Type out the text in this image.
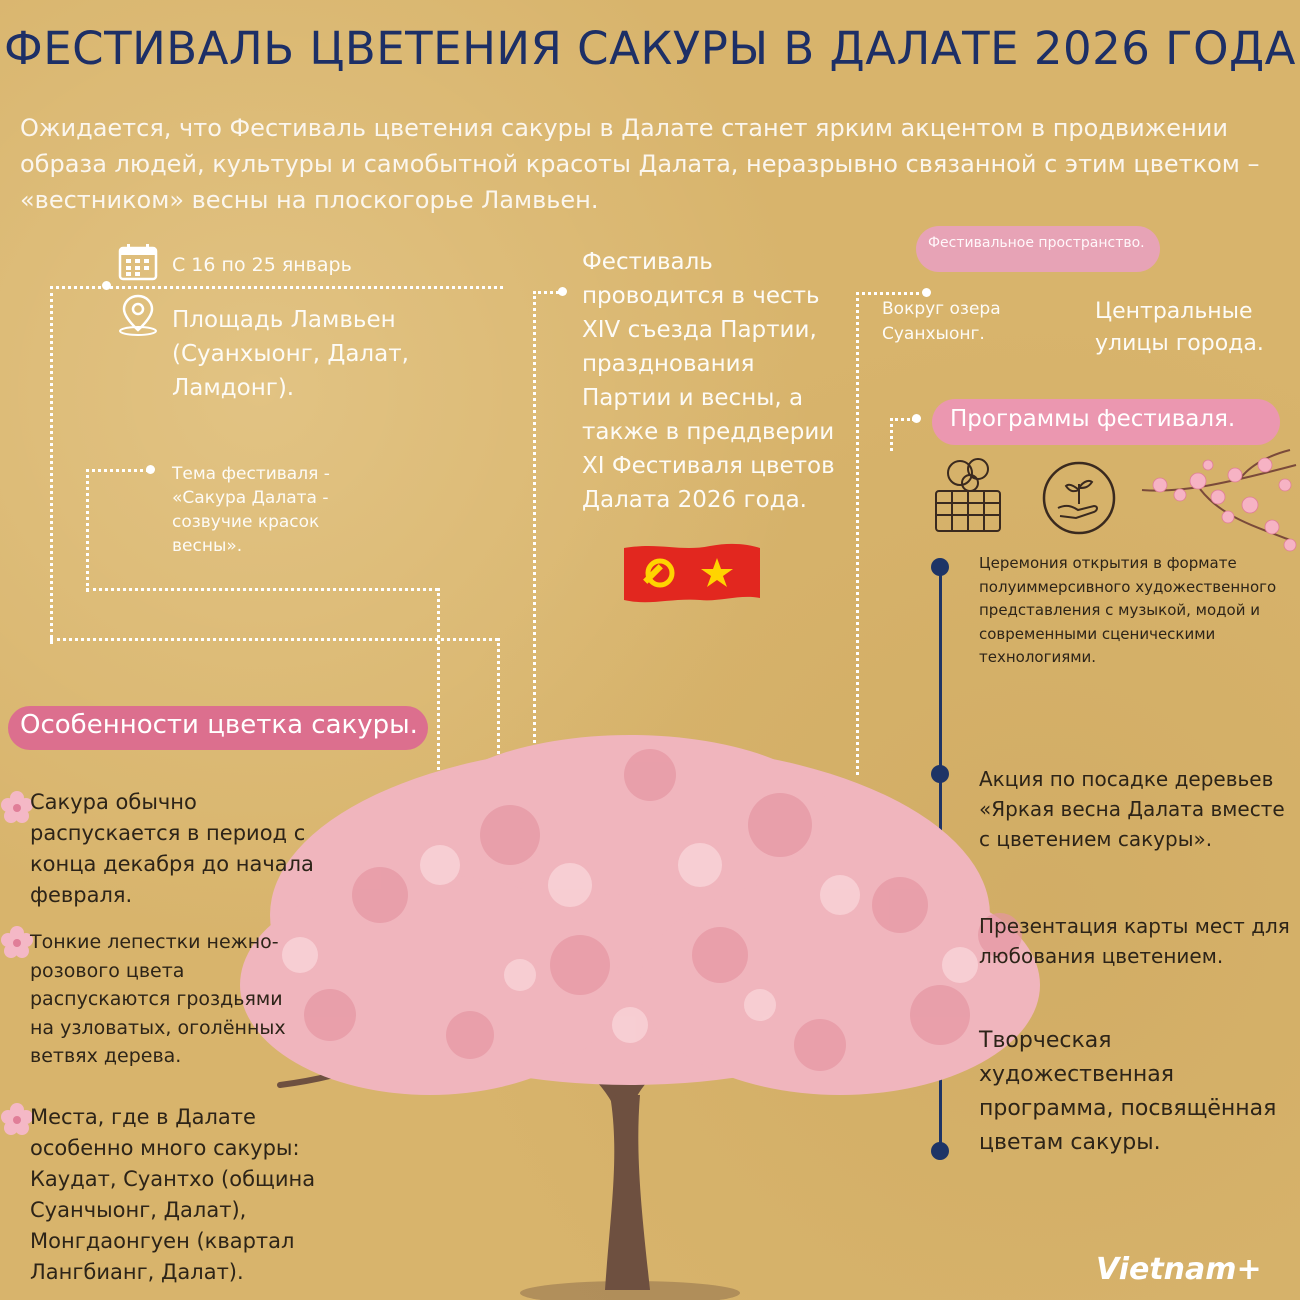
ФЕСТИВАЛЬ ЦВЕТЕНИЯ САКУРЫ В ДАЛАТЕ 2026 ГОДА
Ожидается, что Фестиваль цветения сакуры в Далате станет ярким акцентом в продвижении образа людей, культуры и самобытной красоты Далата, неразрывно связанной с этим цветком – «вестником» весны на плоскогорье Ламвьен.
С 16 по 25 январь
Площадь Ламвьен (Суанхыонг, Далат, Ламдонг).
Тема фестиваля - «Сакура Далата - созвучие красок весны».
Фестиваль проводится в честь XIV съезда Партии, празднования Партии и весны, а также в преддверии XI Фестиваля цветов Далата 2026 года.
Фестивальное пространство.
Вокруг озера Суанхыонг.
Центральные улицы города.
Программы фестиваля.
Церемония открытия в формате полуиммерсивного художественного представления с музыкой, модой и современными сценическими технологиями.
Акция по посадке деревьев «Яркая весна Далата вместе с цветением сакуры».
Презентация карты мест для любования цветением.
Творческая художественная программа, посвящённая цветам сакуры.
Особенности цветка сакуры.
Сакура обычно распускается в период с конца декабря до начала февраля.
Тонкие лепестки нежно-розового цвета распускаются гроздьями на узловатых, оголённых ветвях дерева.
Места, где в Далате особенно много сакуры: Каудат, Суантхо (община Суанчыонг, Далат), Монгдаонгуен (квартал Лангбианг, Далат).	Vietnam+
